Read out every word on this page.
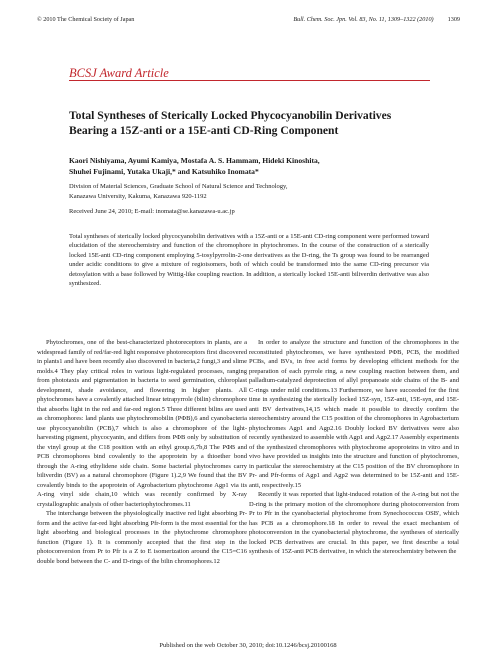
© 2010 The Chemical Society of Japan	Bull. Chem. Soc. Jpn. Vol. 83, No. 11, 1309–1322 (2010) 1309
BCSJ Award Article
Total Syntheses of Sterically Locked Phycocyanobilin Derivatives
Bearing a 15Z-anti or a 15E-anti CD-Ring Component
Kaori Nishiyama, Ayumi Kamiya, Mostafa A. S. Hammam, Hideki Kinoshita,
Shuhei Fujinami, Yutaka Ukaji,* and Katsuhiko Inomata*
Division of Material Sciences, Graduate School of Natural Science and Technology,
Kanazawa University, Kakuma, Kanazawa 920-1192
Received June 24, 2010; E-mail: inomata@se.kanazawa-u.ac.jp
Total syntheses of sterically locked phycocyanobilin derivatives with a 15Z-anti or a 15E-anti CD-ring component were performed toward elucidation of the stereochemistry and function of the chromophore in phytochromes. In the course of the construction of a sterically locked 15E-anti CD-ring component employing 5-tosylpyrrolin-2-one derivatives as the D-ring, the Ts group was found to be rearranged under acidic conditions to give a mixture of regioisomers, both of which could be transformed into the same CD-ring precursor via detosylation with a base followed by Wittig-like coupling reaction. In addition, a sterically locked 15E-anti biliverdin derivative was also synthesized.

Phytochromes, one of the best-characterized photoreceptors in plants, are a widespread family of red/far-red light responsive photoreceptors first discovered in plants1 and have been recently also discovered in bacteria,2 fungi,3 and slime molds.4 They play critical roles in various light-regulated processes, ranging from phototaxis and pigmentation in bacteria to seed germination, chloroplast development, shade avoidance, and flowering in higher plants. All phytochromes have a covalently attached linear tetrapyrrole (bilin) chromophore that absorbs light in the red and far-red region.5 Three different bilins are used as chromophores: land plants use phytochromobilin (PΦB),6 and cyanobacteria use phycocyanobilin (PCB),7 which is also a chromophore of the light-harvesting pigment, phycocyanin, and differs from PΦB only by substitution of the vinyl group at the C18 position with an ethyl group.6,7b,8 The PΦB and PCB chromophores bind covalently to the apoprotein by a thioether bond through the A-ring ethylidene side chain. Some bacterial phytochromes carry biliverdin (BV) as a natural chromophore (Figure 1).2,9 We found that the BV covalently binds to the apoprotein of Agrobacterium phytochrome Agp1 via its A-ring vinyl side chain,10 which was recently confirmed by X-ray crystallographic analysis of other bacteriophytochromes.11

The interchange between the physiologically inactive red light absorbing Pr-form and the active far-red light absorbing Pfr-form is the most essential for the light absorbing and biological processes in the phytochrome chromophore function (Figure 1). It is commonly accepted that the first step in the photoconversion from Pr to Pfr is a Z to E isomerization around the C15=C16 double bond between the C- and D-rings of the bilin chromophores.12

In order to analyze the structure and function of the chromophores in the reconstituted phytochromes, we have synthesized PΦB, PCB, the modified PCBs, and BVs, in free acid forms by developing efficient methods for the preparation of each pyrrole ring, a new coupling reaction between them, and palladium-catalyzed deprotection of allyl propanoate side chains of the B- and C-rings under mild conditions.13 Furthermore, we have succeeded for the first time in synthesizing the sterically locked 15Z-syn, 15Z-anti, 15E-syn, and 15E-anti BV derivatives,14,15 which made it possible to directly confirm the stereochemistry around the C15 position of the chromophores in Agrobacterium phytochromes Agp1 and Agp2.16 Doubly locked BV derivatives were also recently synthesized to assemble with Agp1 and Agp2.17 Assembly experiments of the synthesized chromophores with phytochrome apoproteins in vitro and in vivo have provided us insights into the structure and function of phytochromes, in particular the stereochemistry at the C15 position of the BV chromophore in Pr- and Pfr-forms of Agp1 and Agp2 was determined to be 15Z-anti and 15E-anti, respectively.15

Recently it was reported that light-induced rotation of the A-ring but not the D-ring is the primary motion of the chromophore during photoconversion from Pr to Pfr in the cyanobacterial phytochrome from Synechococcus OSB', which has PCB as a chromophore.18 In order to reveal the exact mechanism of photoconversion in the cyanobacterial phytochrome, the syntheses of sterically locked PCB derivatives are crucial. In this paper, we first describe a total synthesis of 15Z-anti PCB derivative, in which the stereochemistry between the

Published on the web October 30, 2010; doi:10.1246/bcsj.20100168
